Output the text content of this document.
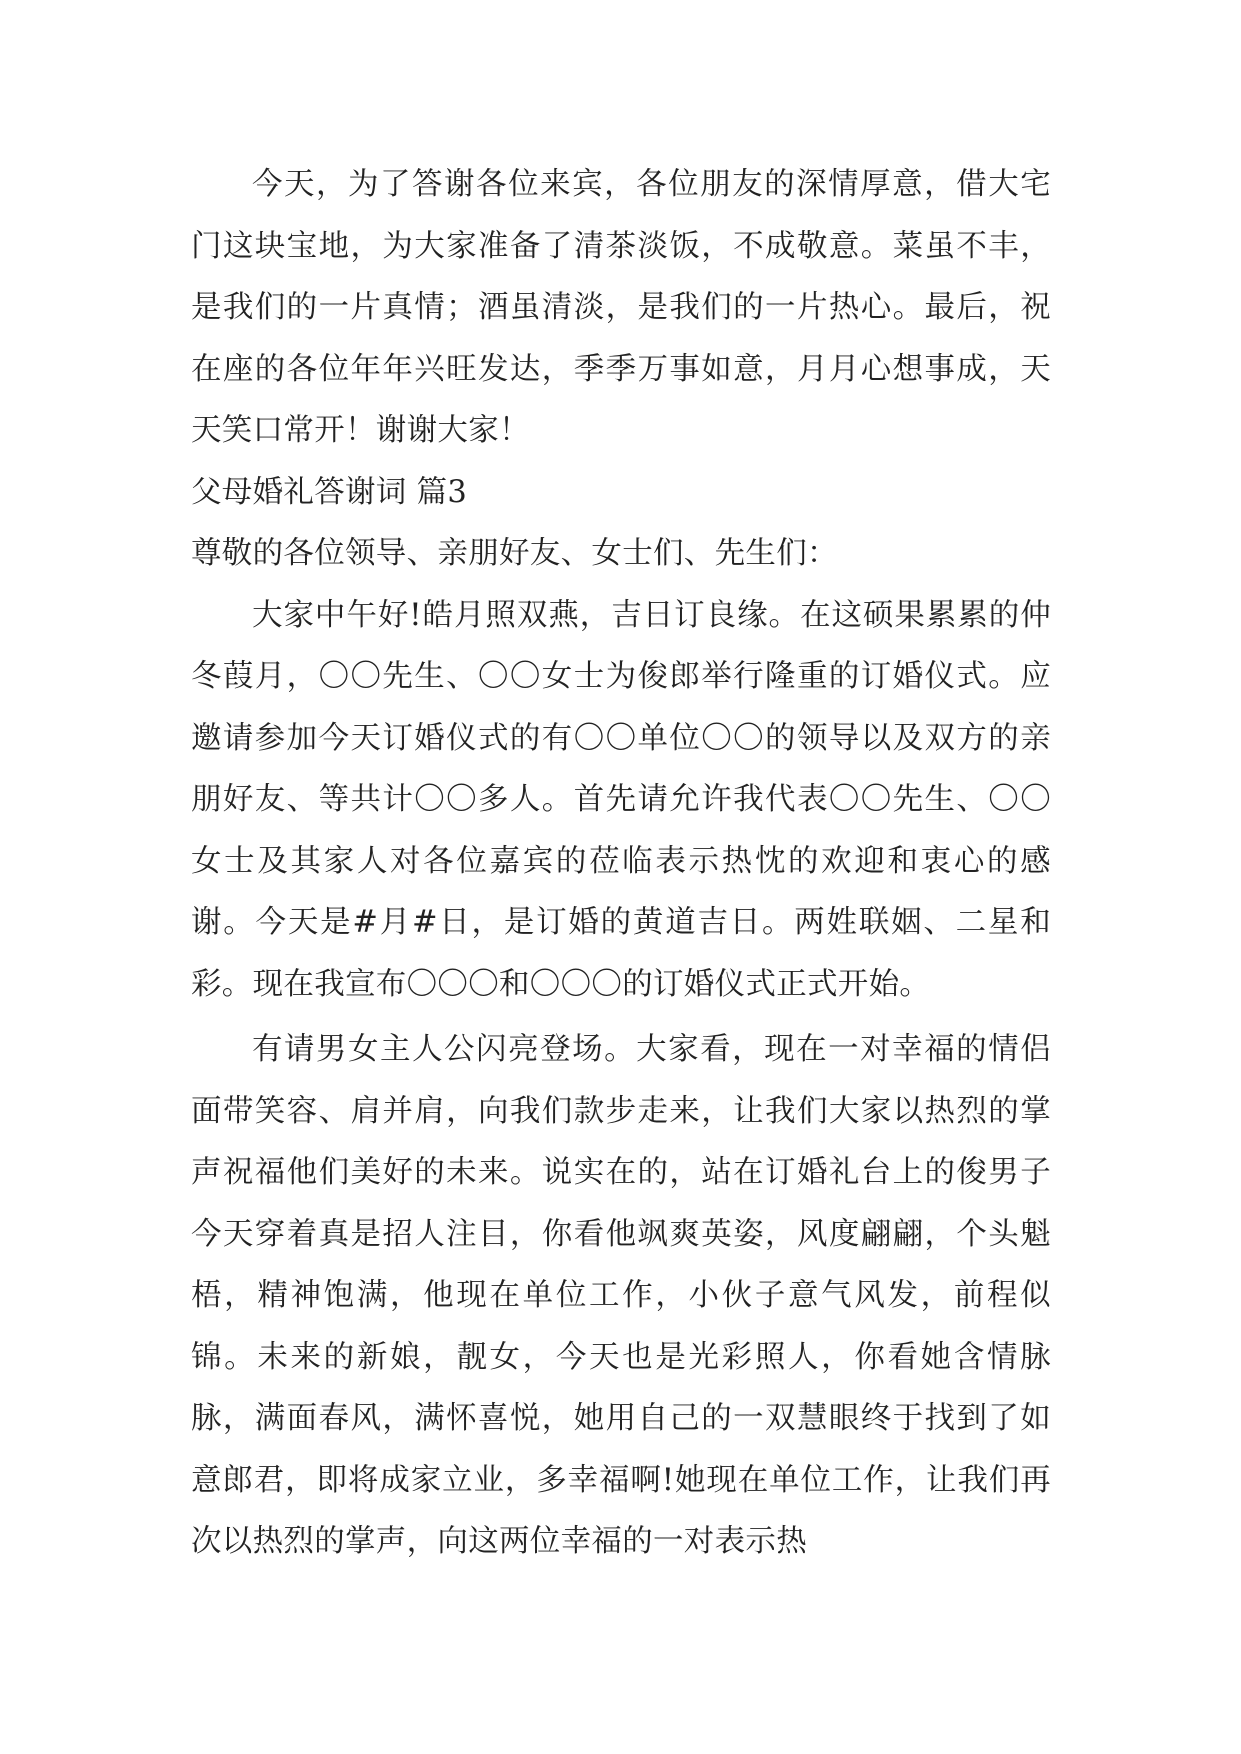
今天，为了答谢各位来宾，各位朋友的深情厚意，借大宅门这块宝地，为大家准备了清茶淡饭，不成敬意。菜虽不丰，是我们的一片真情；酒虽清淡，是我们的一片热心。最后，祝在座的各位年年兴旺发达，季季万事如意，月月心想事成，天天笑口常开！谢谢大家！

父母婚礼答谢词 篇3

尊敬的各位领导、亲朋好友、女士们、先生们：

大家中午好!皓月照双燕，吉日订良缘。在这硕果累累的仲冬葭月，〇〇先生、〇〇女士为俊郎举行隆重的订婚仪式。应邀请参加今天订婚仪式的有〇〇单位〇〇的领导以及双方的亲朋好友、等共计〇〇多人。首先请允许我代表〇〇先生、〇〇女士及其家人对各位嘉宾的莅临表示热忱的欢迎和衷心的感谢。今天是#月#日，是订婚的黄道吉日。两姓联姻、二星和彩。现在我宣布〇〇〇和〇〇〇的订婚仪式正式开始。

有请男女主人公闪亮登场。大家看，现在一对幸福的情侣面带笑容、肩并肩，向我们款步走来，让我们大家以热烈的掌声祝福他们美好的未来。说实在的，站在订婚礼台上的俊男子今天穿着真是招人注目，你看他飒爽英姿，风度翩翩，个头魁梧，精神饱满，他现在单位工作，小伙子意气风发，前程似锦。未来的新娘，靓女，今天也是光彩照人，你看她含情脉脉，满面春风，满怀喜悦，她用自己的一双慧眼终于找到了如意郎君，即将成家立业，多幸福啊!她现在单位工作，让我们再次以热烈的掌声，向这两位幸福的一对表示热
